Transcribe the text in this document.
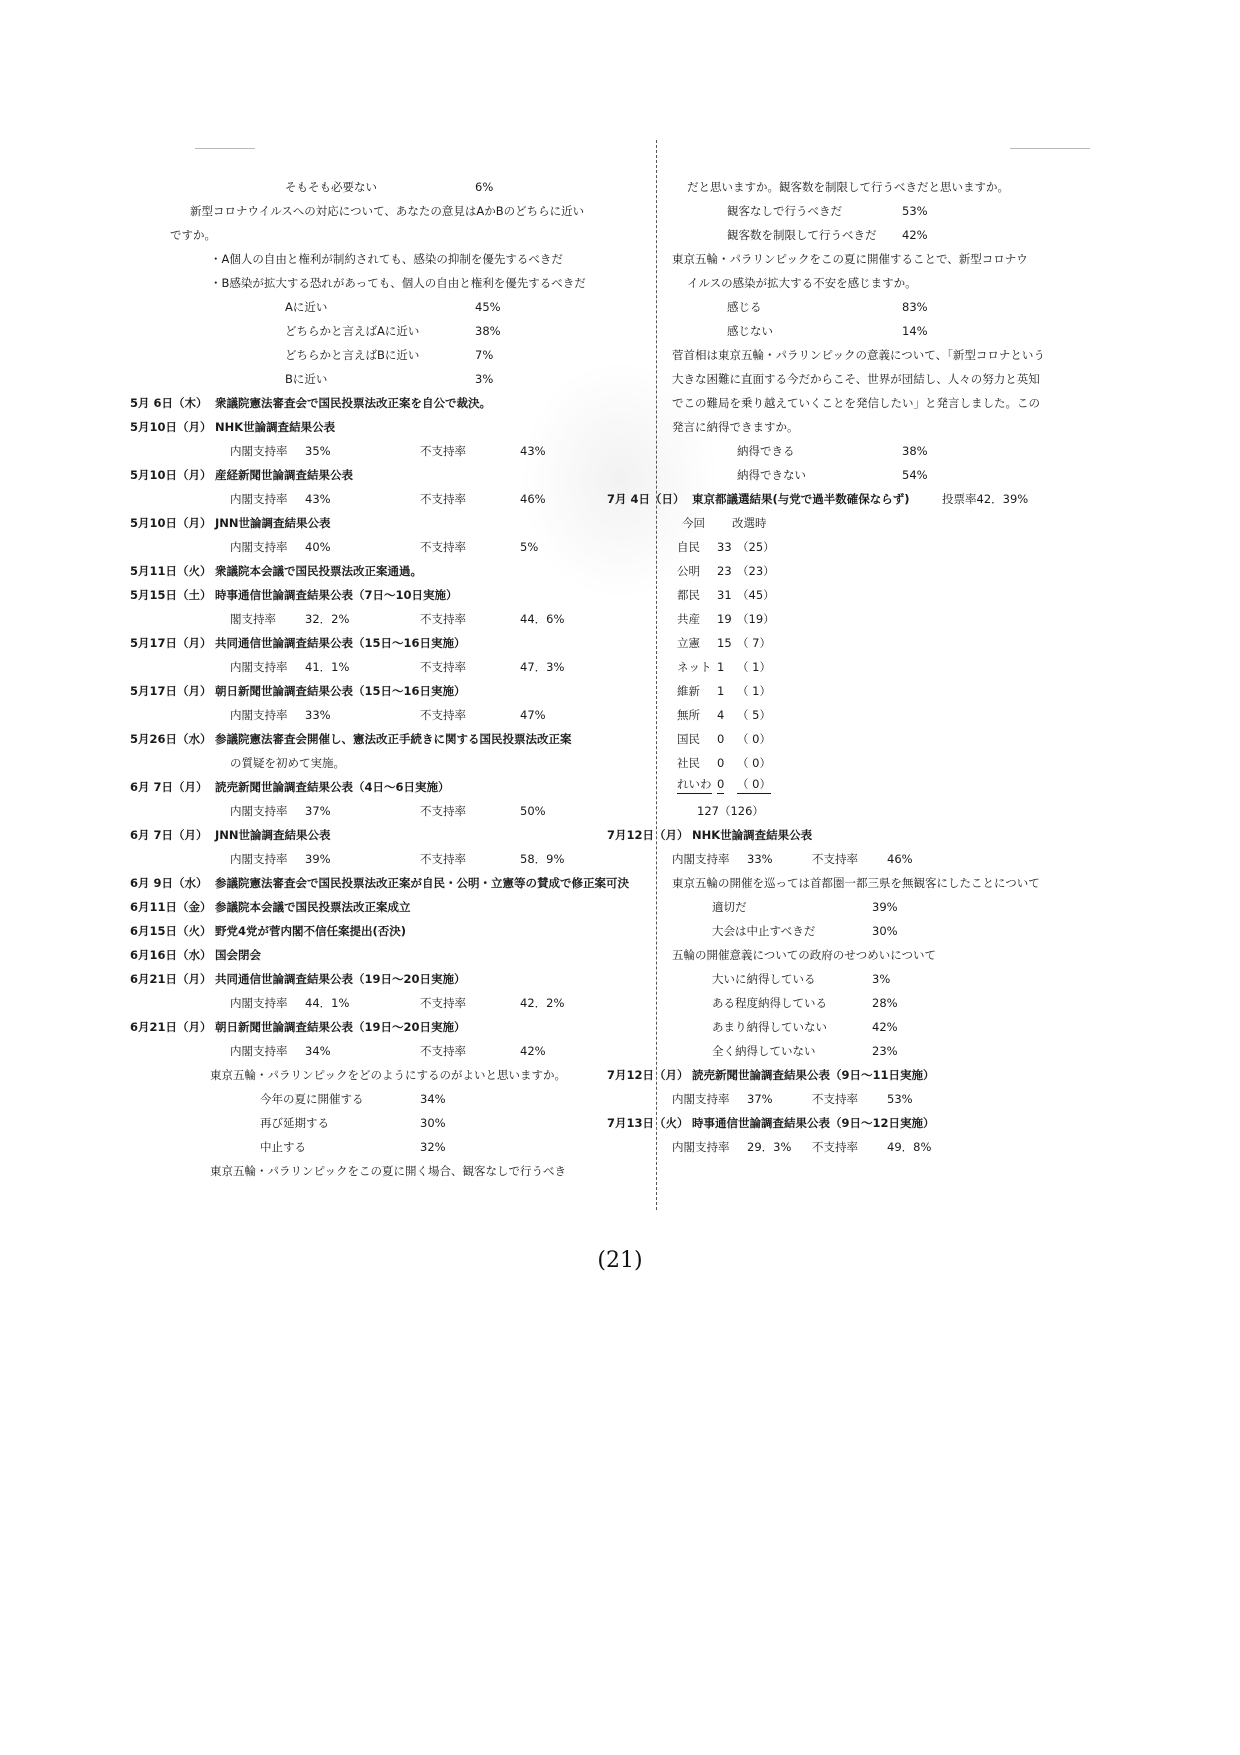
そもそも必要ない	6%
新型コロナウイルスへの対応について、あなたの意見はAかBのどちらに近い
ですか。
・A個人の自由と権利が制約されても、感染の抑制を優先するべきだ
・B感染が拡大する恐れがあっても、個人の自由と権利を優先するべきだ
Aに近い	45%
どちらかと言えばAに近い	38%
どちらかと言えばBに近い	7%
Bに近い	3%
5月 6日（木） 衆議院憲法審査会で国民投票法改正案を自公で裁決。
5月10日（月） NHK世論調査結果公表
内閣支持率 35%	不支持率	43%
5月10日（月） 産経新聞世論調査結果公表
内閣支持率 43%	不支持率	46%
5月10日（月） JNN世論調査結果公表
内閣支持率 40%	不支持率	5%
5月11日（火） 衆議院本会議で国民投票法改正案通過。
5月15日（土） 時事通信世論調査結果公表（7日～10日実施）
閣支持率	32．2%	不支持率	44．6%
5月17日（月） 共同通信世論調査結果公表（15日～16日実施）
内閣支持率 41．1%	不支持率	47．3%
5月17日（月） 朝日新聞世論調査結果公表（15日～16日実施）
内閣支持率 33%	不支持率	47%
5月26日（水） 参議院憲法審査会開催し、憲法改正手続きに関する国民投票法改正案
の質疑を初めて実施。
6月 7日（月） 読売新聞世論調査結果公表（4日～6日実施）
内閣支持率 37%	不支持率	50%
6月 7日（月） JNN世論調査結果公表
内閣支持率 39%	不支持率	58．9%
6月 9日（水） 参議院憲法審査会で国民投票法改正案が自民・公明・立憲等の賛成で修正案可決
6月11日（金） 参議院本会議で国民投票法改正案成立
6月15日（火） 野党4党が菅内閣不信任案提出(否決)
6月16日（水） 国会閉会
6月21日（月） 共同通信世論調査結果公表（19日～20日実施）
内閣支持率 44．1%	不支持率	42．2%
6月21日（月） 朝日新聞世論調査結果公表（19日～20日実施）
内閣支持率 34%	不支持率	42%
東京五輪・パラリンピックをどのようにするのがよいと思いますか。
今年の夏に開催する	34%
再び延期する	30%
中止する	32%
東京五輪・パラリンピックをこの夏に開く場合、観客なしで行うべき
だと思いますか。観客数を制限して行うべきだと思いますか。
観客なしで行うべきだ	53%
観客数を制限して行うべきだ 42%
東京五輪・パラリンピックをこの夏に開催することで、新型コロナウ
イルスの感染が拡大する不安を感じますか。
感じる	83%
感じない	14%
菅首相は東京五輪・パラリンピックの意義について、「新型コロナという
大きな困難に直面する今だからこそ、世界が団結し、人々の努力と英知
でこの難局を乗り越えていくことを発信したい」と発言しました。この
発言に納得できますか。
納得できる	38%
納得できない	54%
7月 4日（日） 東京都議選結果(与党で過半数確保ならず)	投票率42．39%
今回 改選時
自民 33 （25）
公明 23 （23）
都民 31 （45）
共産 19 （19）
立憲 15 （ 7）
ネット 1 （ 1）
維新 1 （ 1）
無所 4 （ 5）
国民 0 （ 0）
社民 0 （ 0）
れいわ 0 （ 0）
127（126）
7月12日（月） NHK世論調査結果公表
内閣支持率 33%	不支持率	46%
東京五輪の開催を巡っては首都圏一都三県を無観客にしたことについて
適切だ	39%
大会は中止すべきだ	30%
五輪の開催意義についての政府のせつめいについて
大いに納得している	3%
ある程度納得している	28%
あまり納得していない	42%
全く納得していない	23%
7月12日（月） 読売新聞世論調査結果公表（9日～11日実施）
内閣支持率 37%	不支持率	53%
7月13日（火） 時事通信世論調査結果公表（9日～12日実施）
内閣支持率 29．3% 不支持率	49．8%
(21)
